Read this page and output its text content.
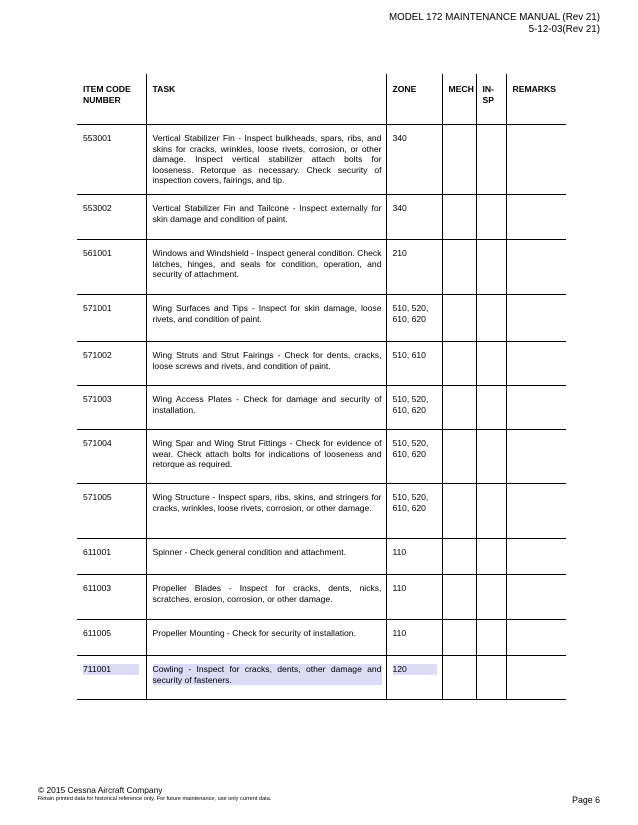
MODEL 172 MAINTENANCE MANUAL (Rev 21)
5-12-03(Rev 21)
ITEM CODE NUMBER	TASK	ZONE	MECH	IN-SP	REMARKS

553001	Vertical Stabilizer Fin - Inspect bulkheads, spars, ribs, and skins for cracks, wrinkles, loose rivets, corrosion, or other damage. Inspect vertical stabilizer attach bolts for looseness. Retorque as necessary. Check security of inspection covers, fairings, and tip.	340			

553002	Vertical Stabilizer Fin and Tailcone - Inspect externally for skin damage and condition of paint.	340			

561001	Windows and Windshield - Inspect general condition. Check latches, hinges, and seals for condition, operation, and security of attachment.	210			

571001	Wing Surfaces and Tips - Inspect for skin damage, loose rivets, and condition of paint.	510, 520, 610, 620			

571002	Wing Struts and Strut Fairings - Check for dents, cracks, loose screws and rivets, and condition of paint.	510, 610			

571003	Wing Access Plates - Check for damage and security of installation.	510, 520, 610, 620			

571004	Wing Spar and Wing Strut Fittings - Check for evidence of wear. Check attach bolts for indications of looseness and retorque as required.	510, 520, 610, 620			

571005	Wing Structure - Inspect spars, ribs, skins, and stringers for cracks, wrinkles, loose rivets, corrosion, or other damage.	510, 520, 610, 620			

611001	Spinner - Check general condition and attachment.	110			

611003	Propeller Blades - Inspect for cracks, dents, nicks, scratches, erosion, corrosion, or other damage.	110			

611005	Propeller Mounting - Check for security of installation.	110			

711001	Cowling - Inspect for cracks, dents, other damage and security of fasteners.	120			
© 2015 Cessna Aircraft Company
Retain printed data for historical reference only. For future maintenance, use only current data.	Page 6
